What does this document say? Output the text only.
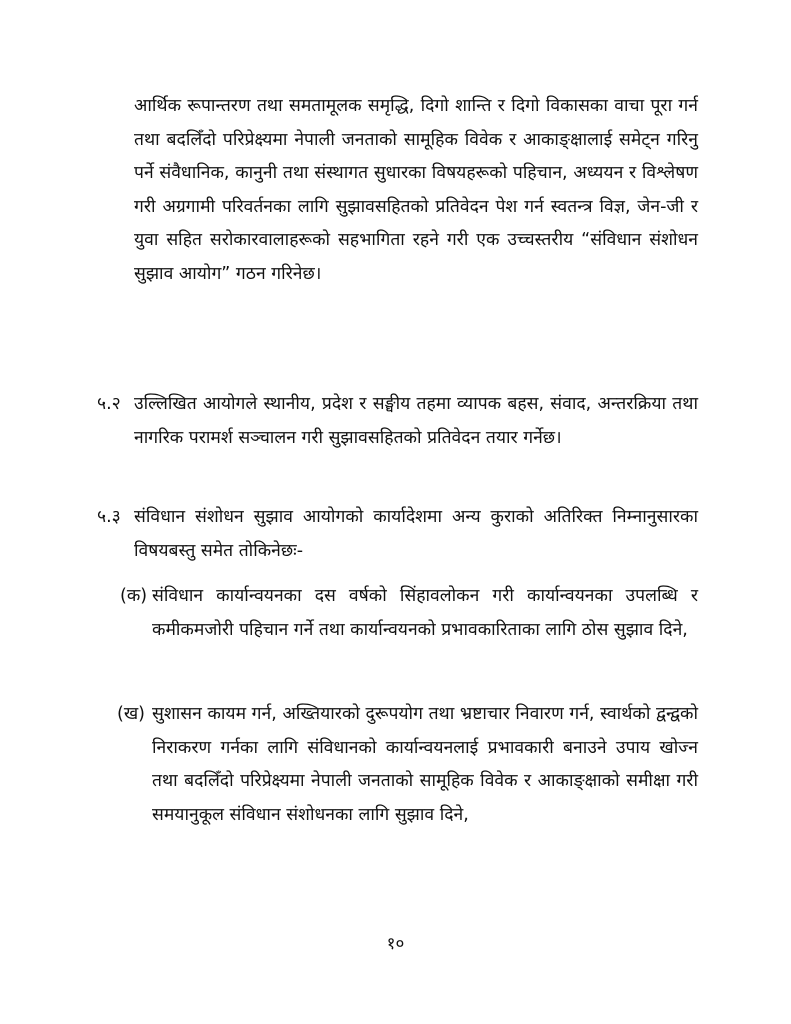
आर्थिक रूपान्तरण तथा समतामूलक समृद्धि, दिगो शान्ति र दिगो विकासका वाचा पूरा गर्न तथा बदलिँदो परिप्रेक्ष्यमा नेपाली जनताको सामूहिक विवेक र आकाङ्क्षालाई समेट्न गरिनु पर्ने संवैधानिक, कानुनी तथा संस्थागत सुधारका विषयहरूको पहिचान, अध्ययन र विश्लेषण गरी अग्रगामी परिवर्तनका लागि सुझावसहितको प्रतिवेदन पेश गर्न स्वतन्त्र विज्ञ, जेन-जी र युवा सहित सरोकारवालाहरूको सहभागिता रहने गरी एक उच्चस्तरीय “संविधान संशोधन सुझाव आयोग” गठन गरिनेछ।

५.२ उल्लिखित आयोगले स्थानीय, प्रदेश र सङ्घीय तहमा व्यापक बहस, संवाद, अन्तरक्रिया तथा नागरिक परामर्श सञ्चालन गरी सुझावसहितको प्रतिवेदन तयार गर्नेछ।

५.३ संविधान संशोधन सुझाव आयोगको कार्यादेशमा अन्य कुराको अतिरिक्त निम्नानुसारका विषयबस्तु समेत तोकिनेछः-

(क) संविधान कार्यान्वयनका दस वर्षको सिंहावलोकन गरी कार्यान्वयनका उपलब्धि र कमीकमजोरी पहिचान गर्ने तथा कार्यान्वयनको प्रभावकारिताका लागि ठोस सुझाव दिने,

(ख) सुशासन कायम गर्न, अख्तियारको दुरूपयोग तथा भ्रष्टाचार निवारण गर्न, स्वार्थको द्वन्द्वको निराकरण गर्नका लागि संविधानको कार्यान्वयनलाई प्रभावकारी बनाउने उपाय खोज्न तथा बदलिँदो परिप्रेक्ष्यमा नेपाली जनताको सामूहिक विवेक र आकाङ्क्षाको समीक्षा गरी समयानुकूल संविधान संशोधनका लागि सुझाव दिने,

१०
